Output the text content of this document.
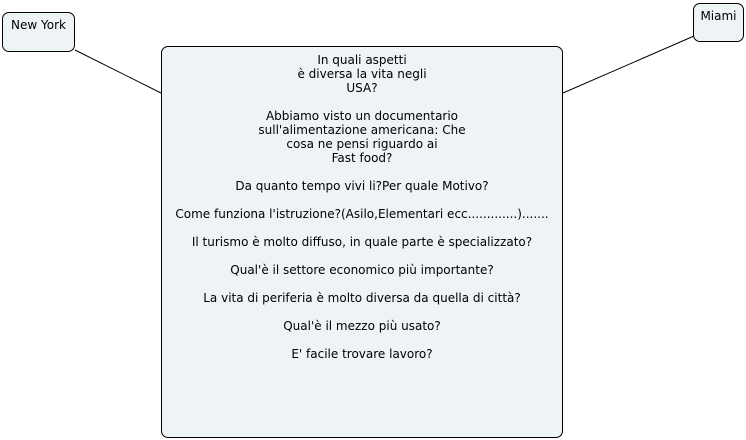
New York
Miami
In quali aspetti
è diversa la vita negli
USA?
Abbiamo visto un documentario
sull'alimentazione americana: Che
cosa ne pensi riguardo ai
Fast food?
Da quanto tempo vivi li?Per quale Motivo?
Come funziona l'istruzione?(Asilo,Elementari ecc.............).......
Il turismo è molto diffuso, in quale parte è specializzato?
Qual'è il settore economico più importante?
La vita di periferia è molto diversa da quella di città?
Qual'è il mezzo più usato?
E' facile trovare lavoro?
